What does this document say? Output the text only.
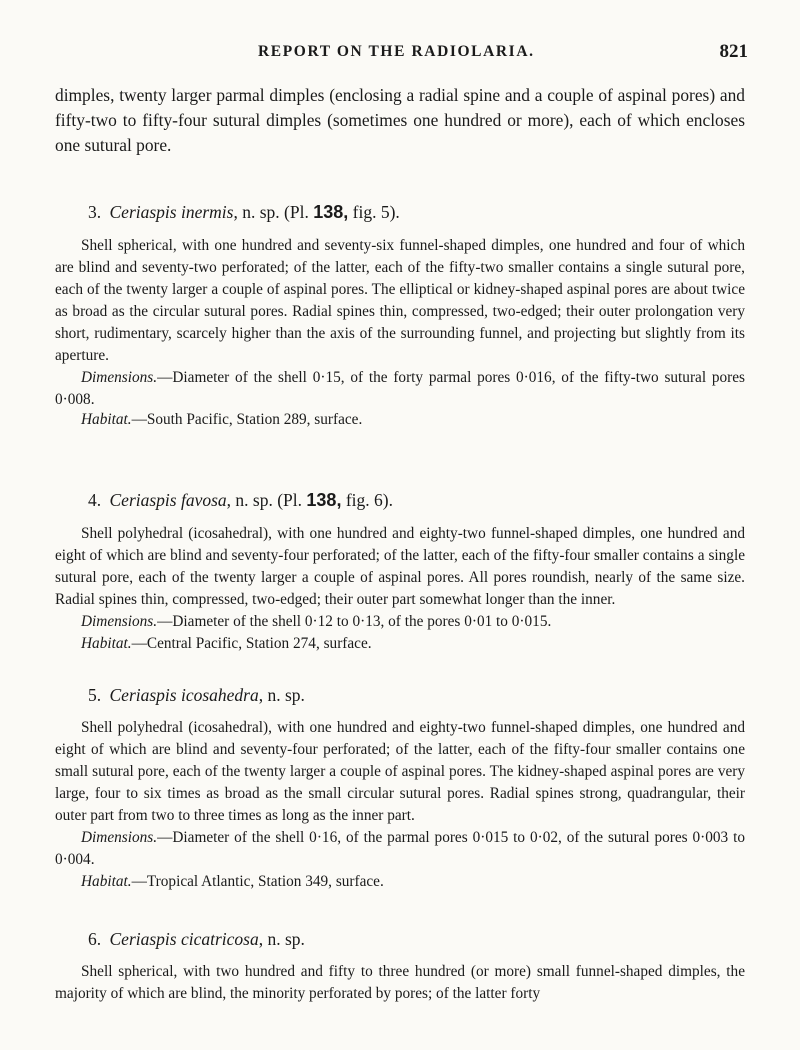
REPORT ON THE RADIOLARIA.	821

dimples, twenty larger parmal dimples (enclosing a radial spine and a couple of aspinal pores) and fifty-two to fifty-four sutural dimples (sometimes one hundred or more), each of which encloses one sutural pore.

3. Ceriaspis inermis, n. sp. (Pl. 138, fig. 5).

Shell spherical, with one hundred and seventy-six funnel-shaped dimples, one hundred and four of which are blind and seventy-two perforated; of the latter, each of the fifty-two smaller contains a single sutural pore, each of the twenty larger a couple of aspinal pores. The elliptical or kidney-shaped aspinal pores are about twice as broad as the circular sutural pores. Radial spines thin, compressed, two-edged; their outer prolongation very short, rudimentary, scarcely higher than the axis of the surrounding funnel, and projecting but slightly from its aperture.

Dimensions.—Diameter of the shell 0·15, of the forty parmal pores 0·016, of the fifty-two sutural pores 0·008.

Habitat.—South Pacific, Station 289, surface.

4. Ceriaspis favosa, n. sp. (Pl. 138, fig. 6).

Shell polyhedral (icosahedral), with one hundred and eighty-two funnel-shaped dimples, one hundred and eight of which are blind and seventy-four perforated; of the latter, each of the fifty-four smaller contains a single sutural pore, each of the twenty larger a couple of aspinal pores. All pores roundish, nearly of the same size. Radial spines thin, compressed, two-edged; their outer part somewhat longer than the inner.

Dimensions.—Diameter of the shell 0·12 to 0·13, of the pores 0·01 to 0·015.

Habitat.—Central Pacific, Station 274, surface.

5. Ceriaspis icosahedra, n. sp.

Shell polyhedral (icosahedral), with one hundred and eighty-two funnel-shaped dimples, one hundred and eight of which are blind and seventy-four perforated; of the latter, each of the fifty-four smaller contains one small sutural pore, each of the twenty larger a couple of aspinal pores. The kidney-shaped aspinal pores are very large, four to six times as broad as the small circular sutural pores. Radial spines strong, quadrangular, their outer part from two to three times as long as the inner part.

Dimensions.—Diameter of the shell 0·16, of the parmal pores 0·015 to 0·02, of the sutural pores 0·003 to 0·004.

Habitat.—Tropical Atlantic, Station 349, surface.

6. Ceriaspis cicatricosa, n. sp.

Shell spherical, with two hundred and fifty to three hundred (or more) small funnel-shaped dimples, the majority of which are blind, the minority perforated by pores; of the latter forty
